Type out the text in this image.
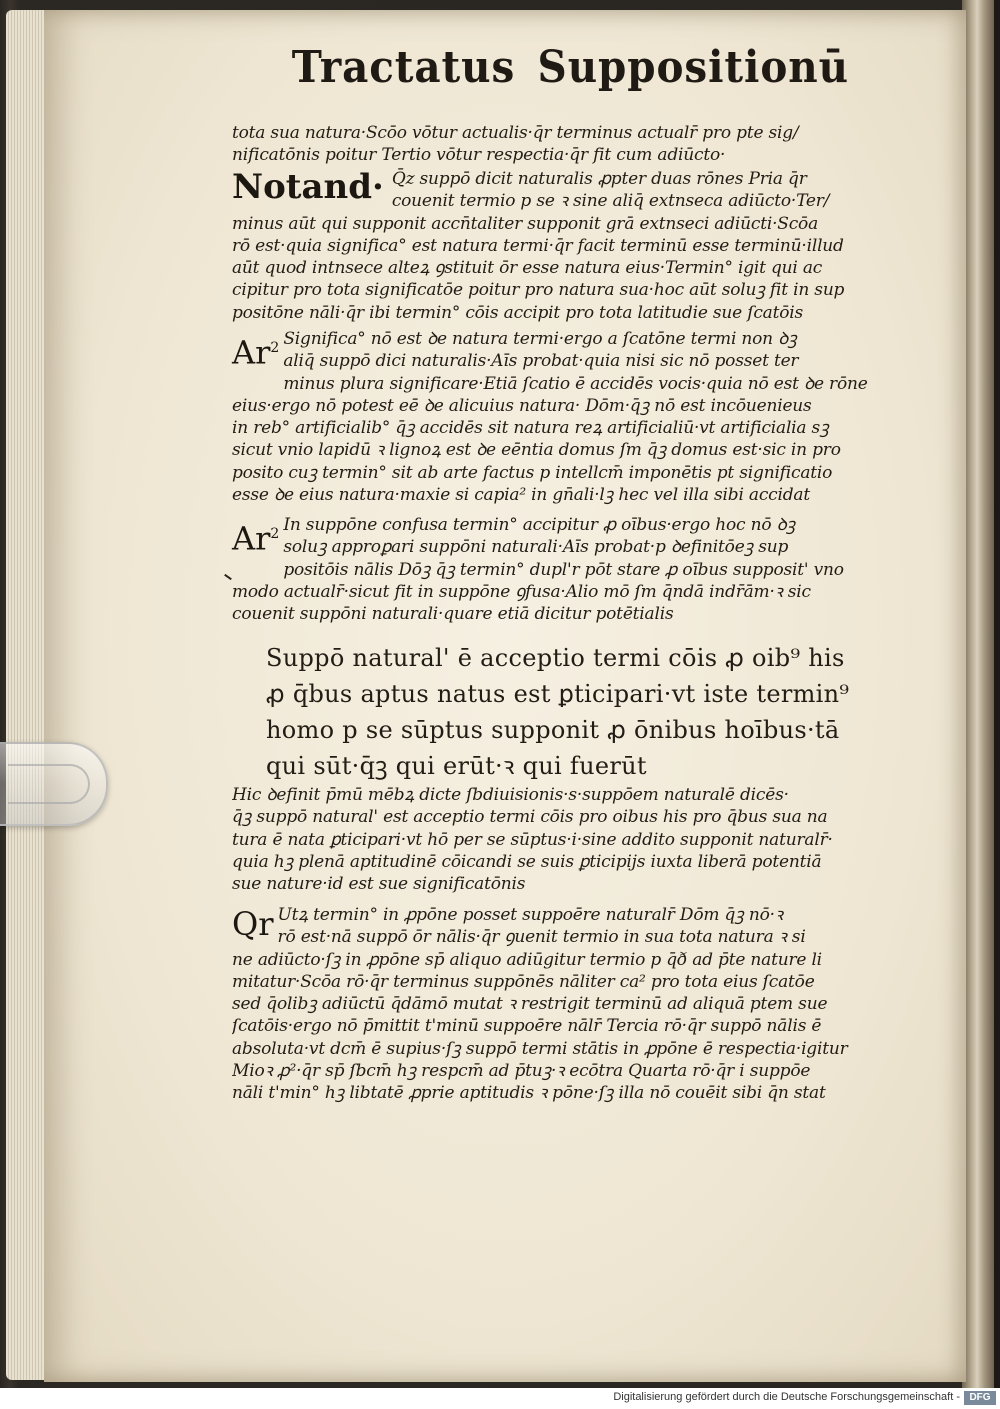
Tractatus Suppositionū
tota sua natura·Scōo vōtur actualis·q̄r terminus actualr̄ pro pte sig/
nificatōnis poitur Tertio vōtur respectia·q̄r fit cum adiūcto·
Notand· Q̄z suppō dicit naturalis ꝓpter duas rōnes Pria q̄r
couenit termio p se ꝛ sine aliq̄ extnseca adiūcto·Ter/
minus aūt qui supponit accn̄taliter supponit grā extnseci adiūcti·Scōa
rō est·quia significa° est natura termi·q̄r facit terminū esse terminū·illud
aūt quod intnsece alteꝝ ꝯstituit ōr esse natura eius·Termin° igit qui ac
cipitur pro tota significatōe poitur pro natura sua·hoc aūt soluꝫ fit in sup
positōne nāli·q̄r ibi termin° cōis accipit pro tota latitudie sue ſcatōis
Ar$^2$ Significa° nō est ꝺe natura termi·ergo a ſcatōne termi non ꝺꝫ
aliq̄ suppō dici naturalis·Aīs probat·quia nisi sic nō posset ter
minus plura significare·Etiā ſcatio ē accidēs vocis·quia nō est ꝺe rōne
eius·ergo nō potest eē ꝺe alicuius natura· Dōm·q̄ꝫ nō est incōuenieus
in reb° artificialib° q̄ꝫ accidēs sit natura reꝝ artificialiū·vt artificialia sꝫ
sicut vnio lapidū ꝛ lignoꝝ est ꝺe eēntia domus ſm q̄ꝫ domus est·sic in pro
posito cuꝫ termin° sit ab arte factus p intellcm̄ imponētis pt significatio
esse ꝺe eius natura·maxie si capia² in gn̄ali·lꝫ hec vel illa sibi accidat
Ar$^2$ In suppōne confusa termin° accipitur ꝓ oībus·ergo hoc nō ꝺꝫ
soluꝫ approꝑari suppōni naturali·Aīs probat·p ꝺefinitōeꝫ sup
positōis nālis Dōꝫ q̄ꝫ termin° dupl'r pōt stare ꝓ oībus supposit' vno
modo actualr̄·sicut fit in suppōne ꝯfusa·Alio mō ſm q̄ndā indr̄ām·ꝛ sic
couenit suppōni naturali·quare etiā dicitur potētialis
Suppō natural' ē acceptio termi cōis ꝓ oib⁹ his
ꝓ q̄bus aptus natus est ꝑticipari·vt iste termin⁹
homo p se sūptus supponit ꝓ ōnibus hoībus·tā
qui sūt·q̄ꝫ qui erūt·ꝛ qui fuerūt
Hic ꝺefinit p̄mū mēbꝝ dicte ſbdiuisionis·s·suppōem naturalē dicēs·
q̄ꝫ suppō natural' est acceptio termi cōis pro oibus his pro q̄bus sua na
tura ē nata ꝑticipari·vt hō per se sūptus·i·sine addito supponit naturalr̄·
quia hꝫ plenā aptitudinē cōicandi se suis ꝑticipijs iuxta liberā potentiā
sue nature·id est sue significatōnis
Qr Utꝝ termin° in ꝓpōne posset suppoēre naturalr̄ Dōm q̄ꝫ nō·ꝛ
rō est·nā suppō ōr nālis·q̄r ꝯuenit termio in sua tota natura ꝛ si
ne adiūcto·ſꝫ in ꝓpōne sp̄ aliquo adiūgitur termio p q̄ð ad p̄te nature li
mitatur·Scōa rō·q̄r terminus suppōnēs nāliter ca² pro tota eius ſcatōe
sed q̄olibꝫ adiūctū q̄dāmō mutat ꝛ restrigit terminū ad aliquā ptem sue
ſcatōis·ergo nō p̄mittit t'minū suppoēre nālr̄ Tercia rō·q̄r suppō nālis ē
absoluta·vt dcm̄ ē supius·ſꝫ suppō termi stātis in ꝓpōne ē respectia·igitur
Mioꝛ ꝓ²·q̄r sp̄ ſbcm̄ hꝫ respcm̄ ad p̄tuꝫ·ꝛ ecōtra Quarta rō·q̄r i suppōe
nāli t'min° hꝫ libtatē ꝓprie aptitudis ꝛ pōne·ſꝫ illa nō couēit sibi q̄n stat
Digitalisierung gefördert durch die Deutsche Forschungsgemeinschaft - DFG
